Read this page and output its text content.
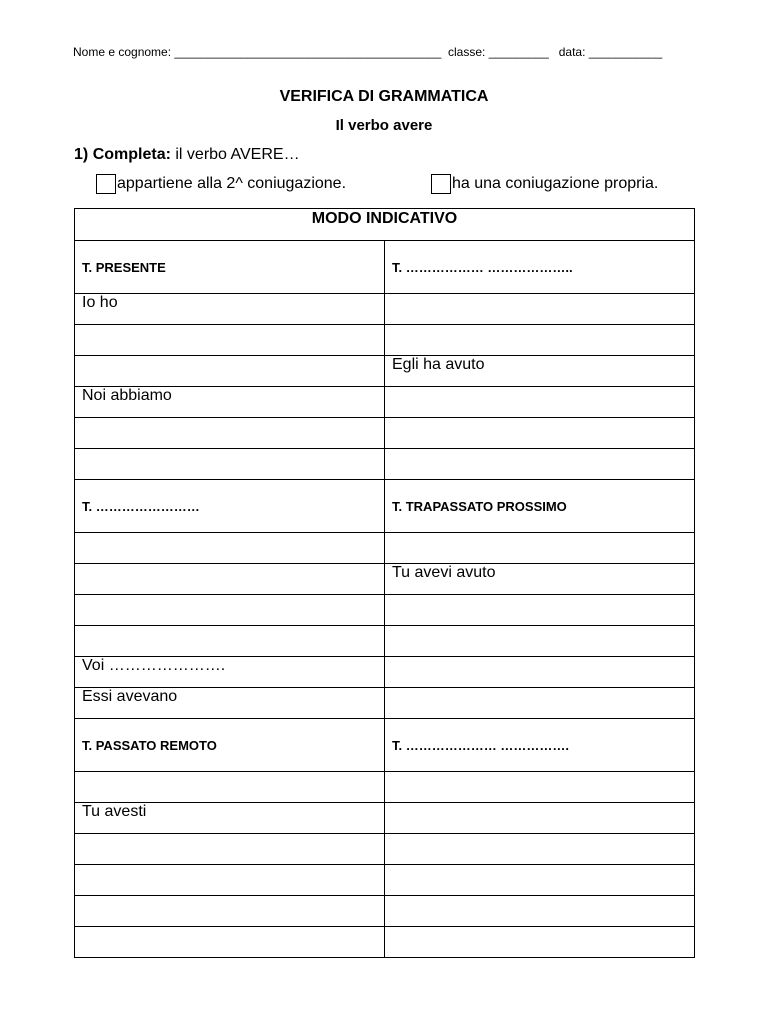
Nome e cognome: ________________________________________  classe: _________   data: ___________
VERIFICA DI GRAMMATICA
Il verbo avere
1) Completa: il verbo AVERE…
appartiene alla 2^ coniugazione.	ha una coniugazione propria.
MODO INDICATIVO	
T. PRESENTE	T. ……………… ………………..
Io ho	

	Egli ha avuto
Noi abbiamo	

T. ……………………	T. TRAPASSATO PROSSIMO

	Tu avevi avuto

Voi ………………….	
Essi avevano	
T. PASSATO REMOTO	T. ………………… …………….

Tu avesti	
